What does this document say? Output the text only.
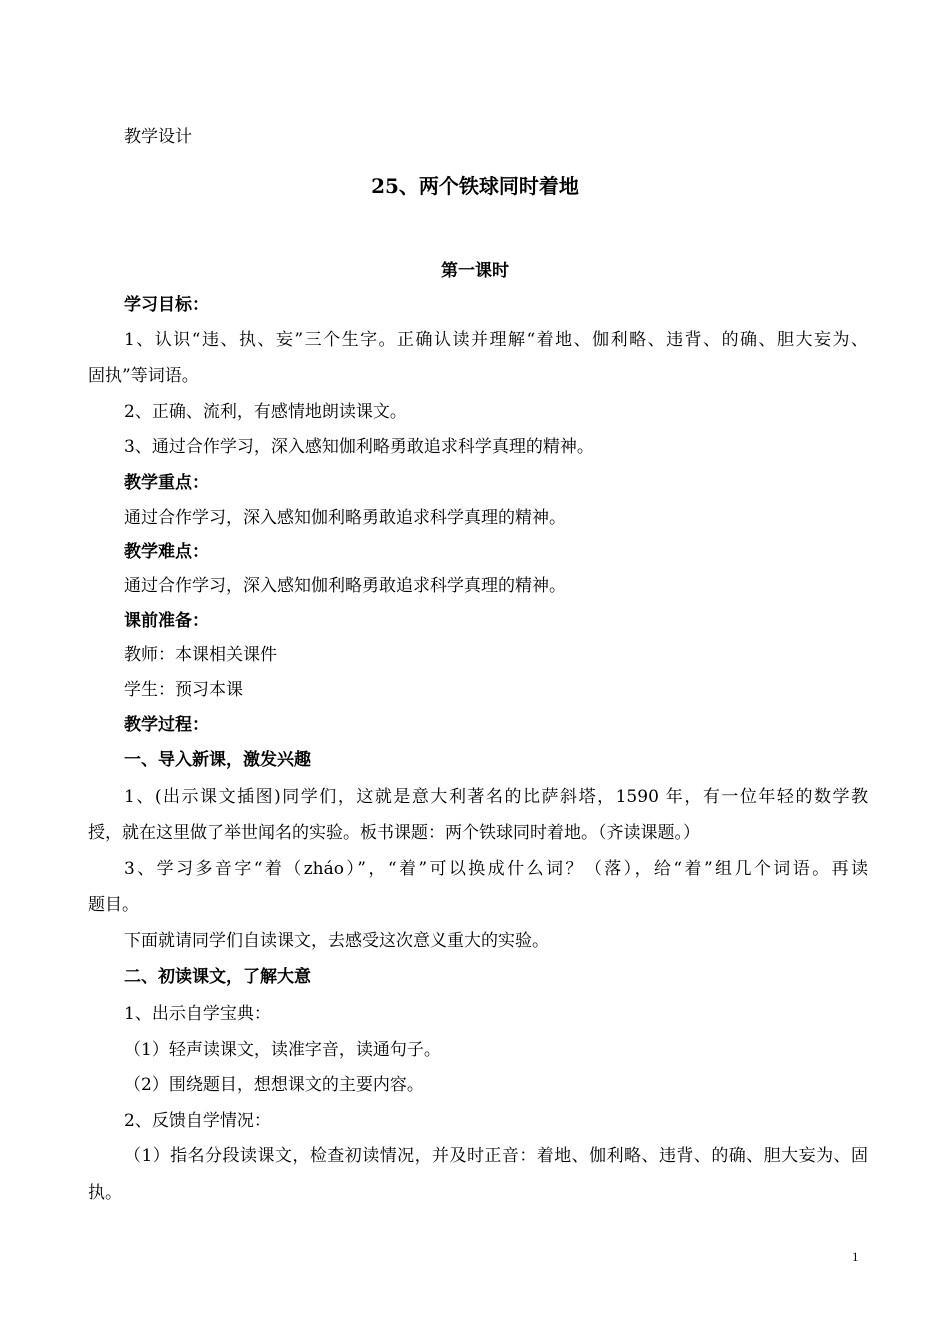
教学设计
25、两个铁球同时着地
第一课时
学习目标：
1、认识“违、执、妄”三个生字。正确认读并理解“着地、伽利略、违背、的确、胆大妄为、
固执”等词语。
2、正确、流利，有感情地朗读课文。
3、通过合作学习，深入感知伽利略勇敢追求科学真理的精神。
教学重点：
通过合作学习，深入感知伽利略勇敢追求科学真理的精神。
教学难点：
通过合作学习，深入感知伽利略勇敢追求科学真理的精神。
课前准备：
教师：本课相关课件
学生：预习本课
教学过程：
一、导入新课，激发兴趣
1、(出示课文插图)同学们，这就是意大利著名的比萨斜塔，1590 年，有一位年轻的数学教
授，就在这里做了举世闻名的实验。板书课题：两个铁球同时着地。（齐读课题。）
3、学习多音字“着（zháo）”，“着”可以换成什么词？（落），给“着”组几个词语。再读
题目。
下面就请同学们自读课文，去感受这次意义重大的实验。
二、初读课文，了解大意
1、出示自学宝典：
（1）轻声读课文，读准字音，读通句子。
（2）围绕题目，想想课文的主要内容。
2、反馈自学情况：
（1）指名分段读课文，检查初读情况，并及时正音：着地、伽利略、违背、的确、胆大妄为、固
执。
1
